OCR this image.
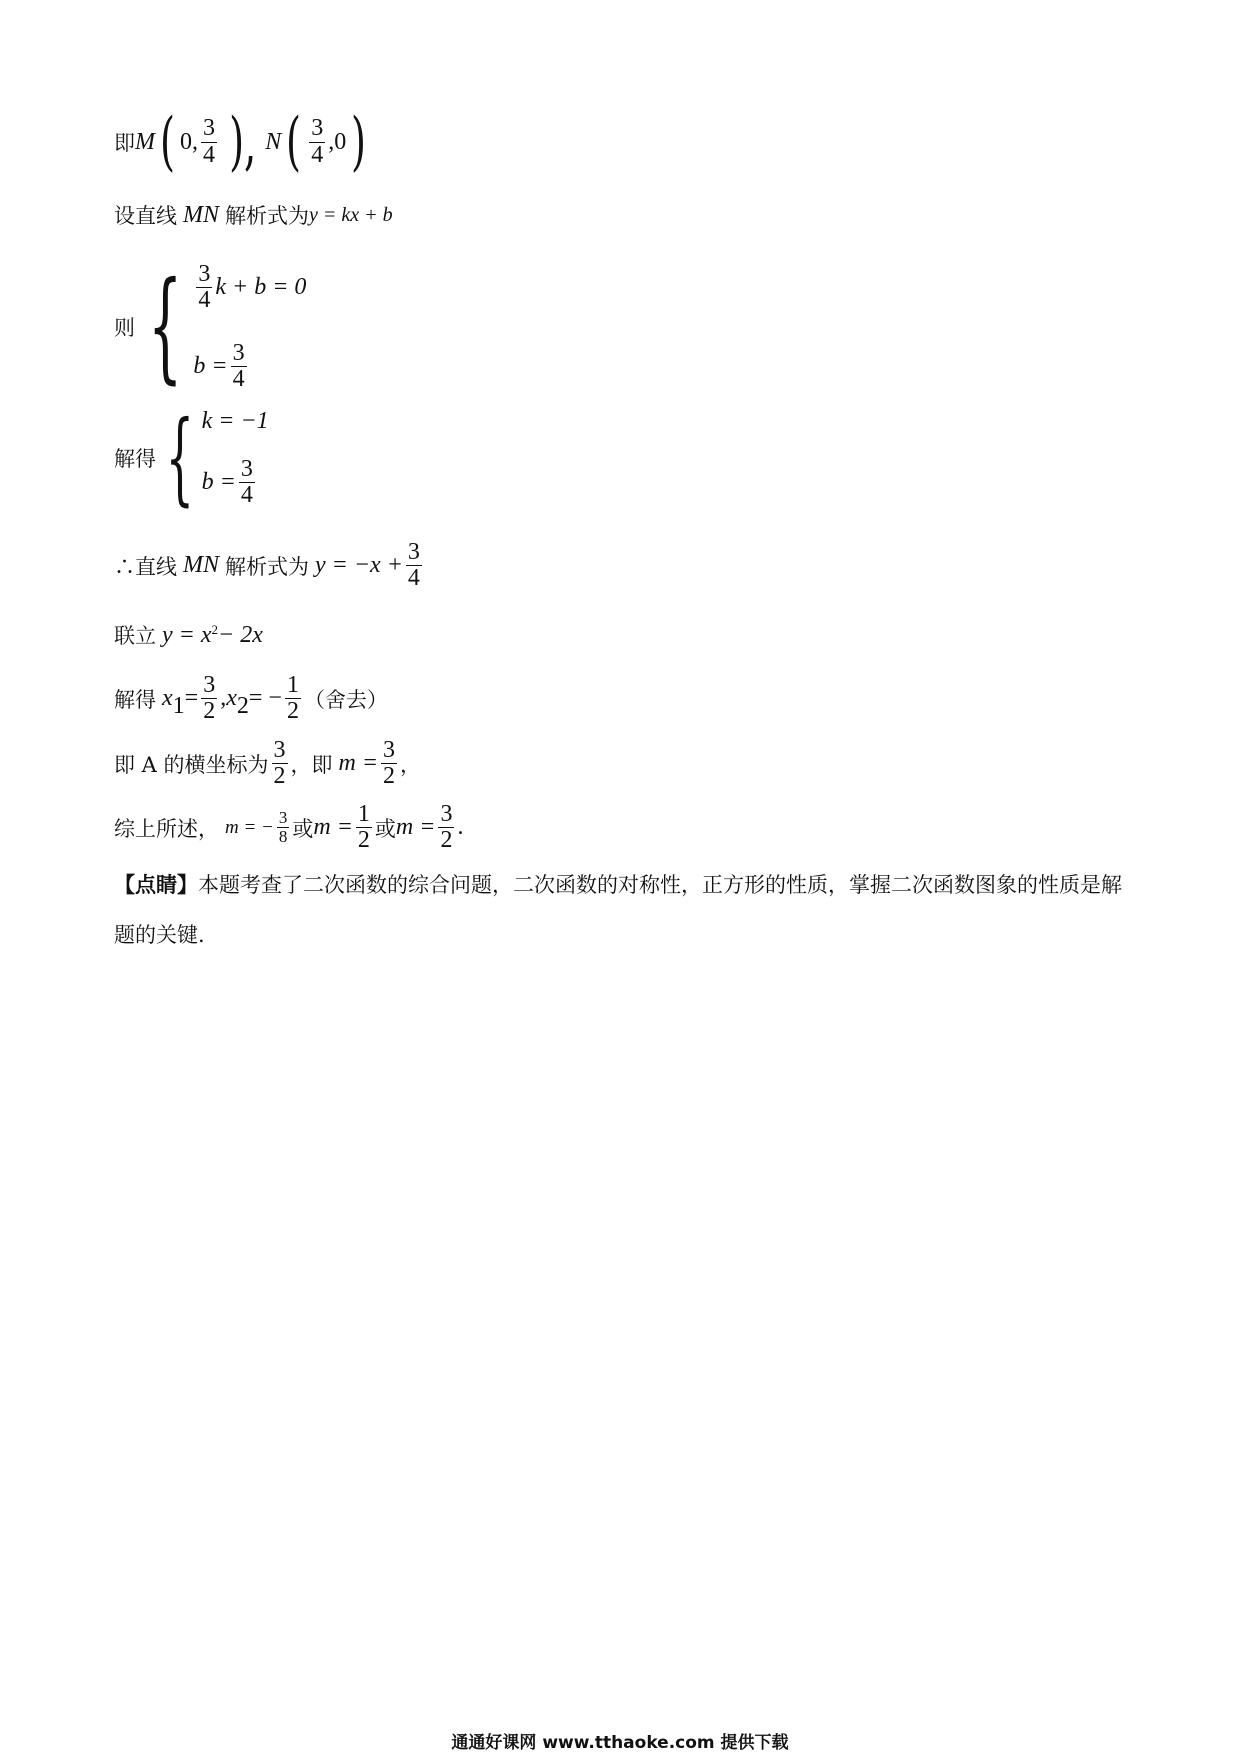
即 M ( 0, $\frac{3}{4}$ ), N ( $\frac{3}{4} ,0$ )
设直线 MN 解析式为 y = kx + b
则 { $\frac{3}{4}$ k + b = 0
$b = \frac{3}{4}$
解得 { k = −1
$b = \frac{3}{4}$
∴直线 MN 解析式为 $y = -x + \frac{3}{4}$
联立 $y = x^2 - 2x$
解得 x $1 = \frac{3}{2}$ , x 2 = − $\frac{1}{2}$ （舍去）
即 A 的横坐标为 $\frac{3}{2}$ ，即 $m = \frac{3}{2}$ ，
综上所述， m = − $\frac{3}{8}$ 或 $m = \frac{1}{2}$ 或 $m = \frac{3}{2}$ .
【点睛】本题考查了二次函数的综合问题，二次函数的对称性，正方形的性质，掌握二次函数图象的性质是解题的关键.
通通好课网 www.tthaoke.com 提供下载
